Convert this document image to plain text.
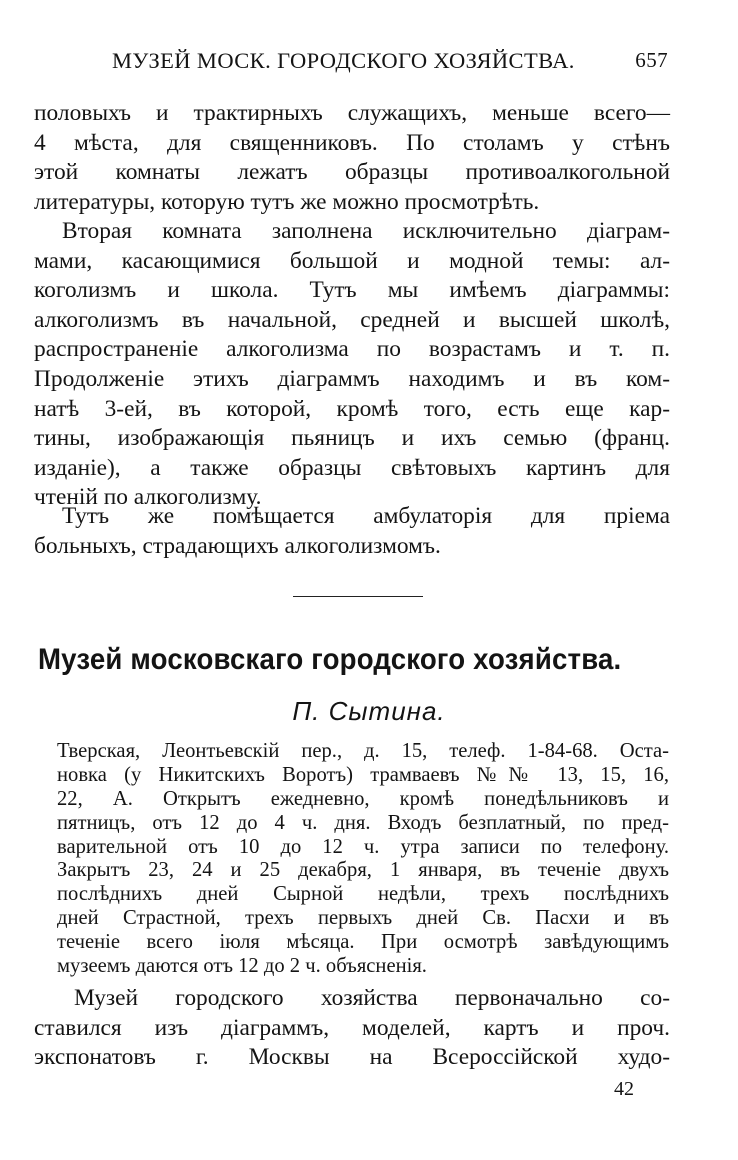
МУЗЕЙ МОСК. ГОРОДСКОГО ХОЗЯЙСТВА.	657

половыхъ и трактирныхъ служащихъ, меньше всего—
4 мѣста, для священниковъ. По столамъ у стѣнъ
этой комнаты лежатъ образцы противоалкогольной
литературы, которую тутъ же можно просмотрѣть.

Вторая комната заполнена исключительно діаграм-
мами, касающимися большой и модной темы: ал-
коголизмъ и школа. Тутъ мы имѣемъ діаграммы:
алкоголизмъ въ начальной, средней и высшей школѣ,
распространеніе алкоголизма по возрастамъ и т. п.
Продолженіе этихъ діаграммъ находимъ и въ ком-
натѣ 3-ей, въ которой, кромѣ того, есть еще кар-
тины, изображающія пьяницъ и ихъ семью (франц.
изданіе), а также образцы свѣтовыхъ картинъ для
чтеній по алкоголизму.

Тутъ же помѣщается амбулаторія для пріема
больныхъ, страдающихъ алкоголизмомъ.

Музей московскаго городского хозяйства.
П. Сытина.

Тверская, Леонтьевскій пер., д. 15, телеф. 1-84-68. Оста-
новка (у Никитскихъ Воротъ) трамваевъ №№ 13, 15, 16,
22, А. Открытъ ежедневно, кромѣ понедѣльниковъ и
пятницъ, отъ 12 до 4 ч. дня. Входъ безплатный, по пред-
варительной отъ 10 до 12 ч. утра записи по телефону.
Закрытъ 23, 24 и 25 декабря, 1 января, въ теченіе двухъ
послѣднихъ дней Сырной недѣли, трехъ послѣднихъ
дней Страстной, трехъ первыхъ дней Св. Пасхи и въ
теченіе всего іюля мѣсяца. При осмотрѣ завѣдующимъ
музеемъ даются отъ 12 до 2 ч. объясненія.

Музей городского хозяйства первоначально со-
ставился изъ діаграммъ, моделей, картъ и проч.
экспонатовъ г. Москвы на Всероссійской худо-

42
